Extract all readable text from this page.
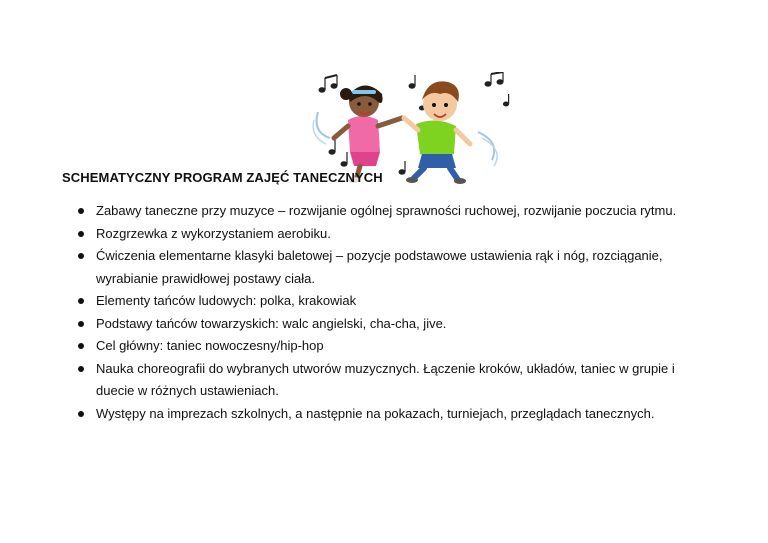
SCHEMATYCZNY PROGRAM ZAJĘĆ TANECZNYCH
Zabawy taneczne przy muzyce – rozwijanie ogólnej sprawności ruchowej, rozwijanie poczucia rytmu.
Rozgrzewka z wykorzystaniem aerobiku.
Ćwiczenia elementarne klasyki baletowej – pozycje podstawowe ustawienia rąk i nóg, rozciąganie, wyrabianie prawidłowej postawy ciała.
Elementy tańców ludowych: polka, krakowiak
Podstawy tańców towarzyskich: walc angielski, cha-cha, jive.
Cel główny: taniec nowoczesny/hip-hop
Nauka choreografii do wybranych utworów muzycznych. Łączenie kroków, układów, taniec w grupie i duecie w różnych ustawieniach.
Występy na imprezach szkolnych, a następnie na pokazach, turniejach, przeglądach tanecznych.
